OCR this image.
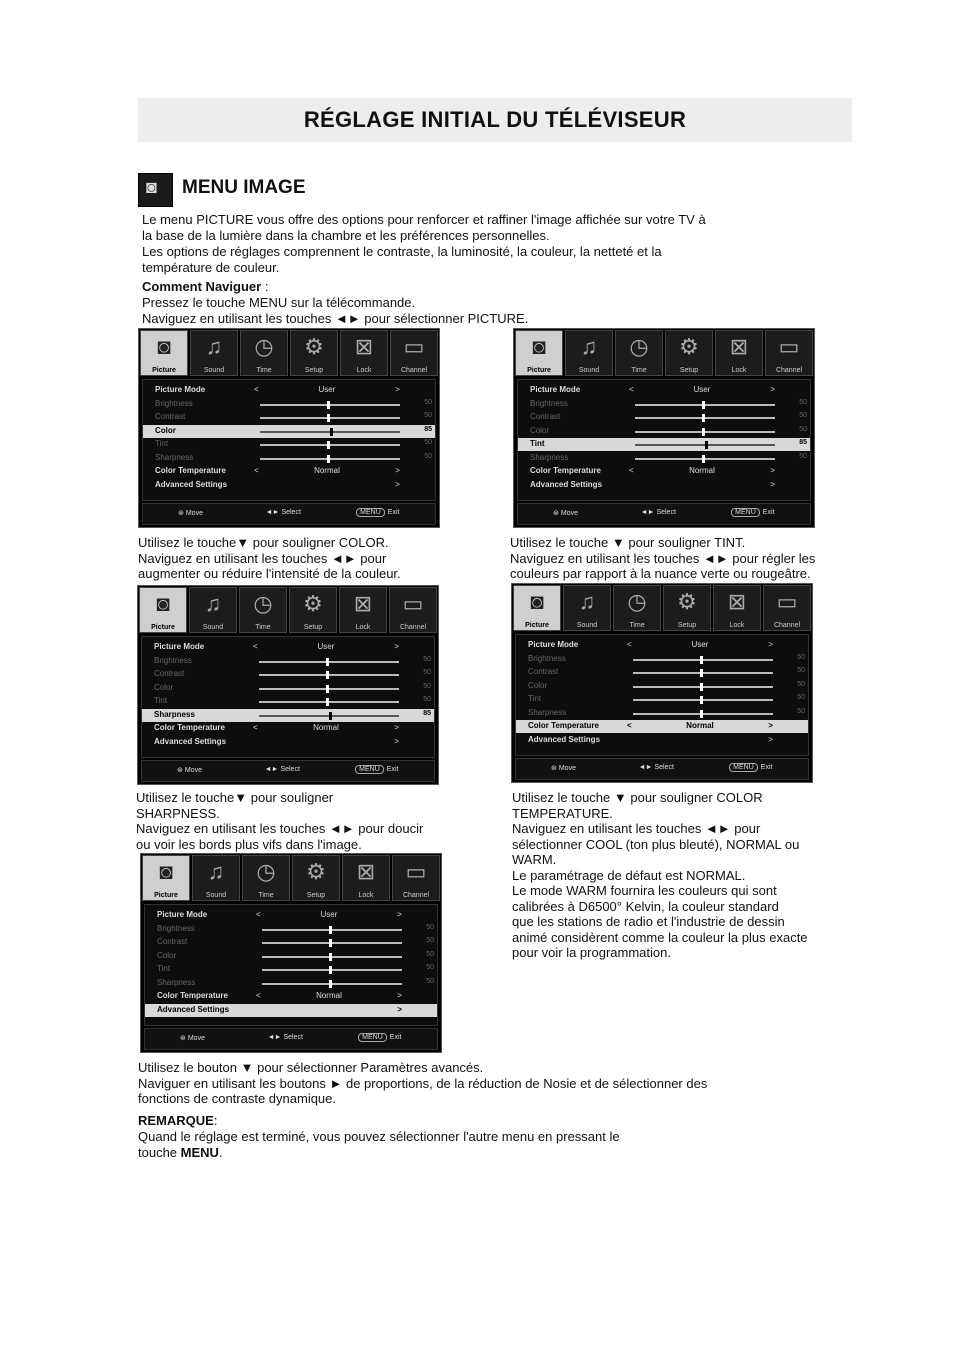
RÉGLAGE INITIAL DU TÉLÉVISEUR
◙ MENU IMAGE

Le menu PICTURE vous offre des options pour renforcer et raffiner l'image affichée sur votre TV à

la base de la lumière dans la chambre et les préférences personnelles.

Les options de réglages comprennent le contraste, la luminosité, la couleur, la netteté et la

température de couleur.

Comment Naviguer :

Pressez le touche MENU sur la télécommande.

Naviguez en utilisant les touches ◄► pour sélectionner PICTURE.

◙
Picture
♫
Sound
◷
Time
⚙
Setup
⊠
Lock
▭
Channel
Picture Mode	<	User	>
Brightness	50
Contrast	50
Color	85
Tint	50
Sharpness	50
Color Temperature	<	Normal	>
Advanced Settings	>
⊛ Move	◄► Select	MENU Exit
◙
Picture
♫
Sound
◷
Time
⚙
Setup
⊠
Lock
▭
Channel
Picture Mode	<	User	>
Brightness	50
Contrast	50
Color	50
Tint	85
Sharpness	50
Color Temperature	<	Normal	>
Advanced Settings	>
⊛ Move	◄► Select	MENU Exit
◙
Picture
♫
Sound
◷
Time
⚙
Setup
⊠
Lock
▭
Channel
Picture Mode	<	User	>
Brightness	50
Contrast	50
Color	50
Tint	50
Sharpness	85
Color Temperature	<	Normal	>
Advanced Settings	>
⊛ Move	◄► Select	MENU Exit
◙
Picture
♫
Sound
◷
Time
⚙
Setup
⊠
Lock
▭
Channel
Picture Mode	<	User	>
Brightness	50
Contrast	50
Color	50
Tint	50
Sharpness	50
Color Temperature	<	Normal	>
Advanced Settings	>
⊛ Move	◄► Select	MENU Exit
◙
Picture
♫
Sound
◷
Time
⚙
Setup
⊠
Lock
▭
Channel
Picture Mode	<	User	>
Brightness	50
Contrast	50
Color	50
Tint	50
Sharpness	50
Color Temperature	<	Normal	>
Advanced Settings	>
⊛ Move	◄► Select	MENU Exit

Utilisez le touche▼ pour souligner COLOR.

Naviguez en utilisant les touches ◄► pour

augmenter ou réduire l'intensité de la couleur.

Utilisez le touche ▼ pour souligner TINT.

Naviguez en utilisant les touches ◄► pour régler les

couleurs par rapport à la nuance verte ou rougeâtre.

Utilisez le touche▼ pour souligner

SHARPNESS.

Naviguez en utilisant les touches ◄► pour doucir

ou voir les bords plus vifs dans l'image.

Utilisez le touche ▼ pour souligner COLOR

TEMPERATURE.

Naviguez en utilisant les touches ◄► pour

sélectionner COOL (ton plus bleuté), NORMAL ou

WARM.

Le paramétrage de défaut est NORMAL.

Le mode WARM fournira les couleurs qui sont

calibrées à D6500° Kelvin, la couleur standard

que les stations de radio et l'industrie de dessin

animé considèrent comme la couleur la plus exacte

pour voir la programmation.

Utilisez le bouton ▼ pour sélectionner Paramètres avancés.

Naviguer en utilisant les boutons ► de proportions, de la réduction de Nosie et de sélectionner des

fonctions de contraste dynamique.

REMARQUE:

Quand le réglage est terminé, vous pouvez sélectionner l'autre menu en pressant le

touche MENU.
